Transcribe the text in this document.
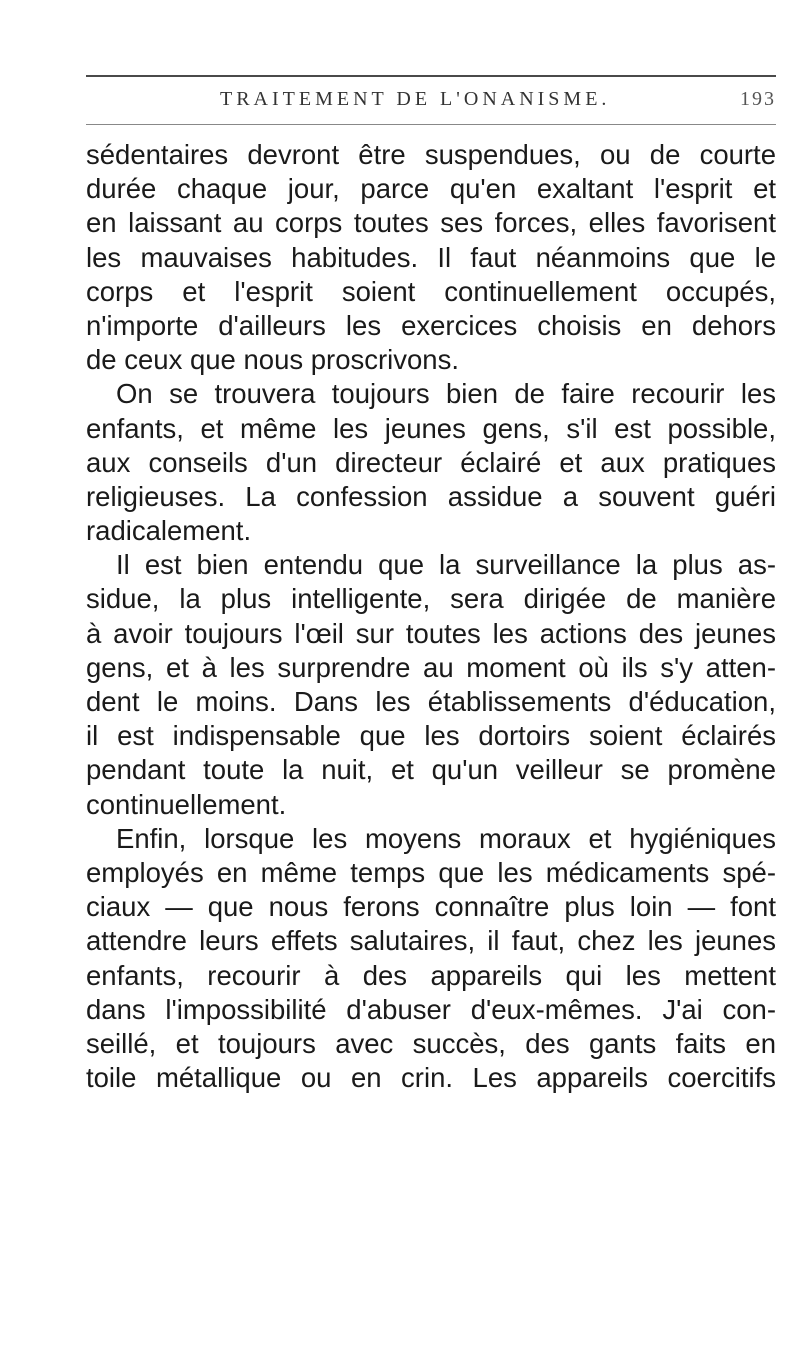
TRAITEMENT DE L'ONANISME.	193
sédentaires devront être suspendues, ou de courte
durée chaque jour, parce qu'en exaltant l'esprit et
en laissant au corps toutes ses forces, elles favorisent
les mauvaises habitudes. Il faut néanmoins que le
corps et l'esprit soient continuellement occupés,
n'importe d'ailleurs les exercices choisis en dehors
de ceux que nous proscrivons.
On se trouvera toujours bien de faire recourir les
enfants, et même les jeunes gens, s'il est possible,
aux conseils d'un directeur éclairé et aux pratiques
religieuses. La confession assidue a souvent guéri
radicalement.
Il est bien entendu que la surveillance la plus as-
sidue, la plus intelligente, sera dirigée de manière
à avoir toujours l'œil sur toutes les actions des jeunes
gens, et à les surprendre au moment où ils s'y atten-
dent le moins. Dans les établissements d'éducation,
il est indispensable que les dortoirs soient éclairés
pendant toute la nuit, et qu'un veilleur se promène
continuellement.
Enfin, lorsque les moyens moraux et hygiéniques
employés en même temps que les médicaments spé-
ciaux — que nous ferons connaître plus loin — font
attendre leurs effets salutaires, il faut, chez les jeunes
enfants, recourir à des appareils qui les mettent
dans l'impossibilité d'abuser d'eux-mêmes. J'ai con-
seillé, et toujours avec succès, des gants faits en
toile métallique ou en crin. Les appareils coercitifs
